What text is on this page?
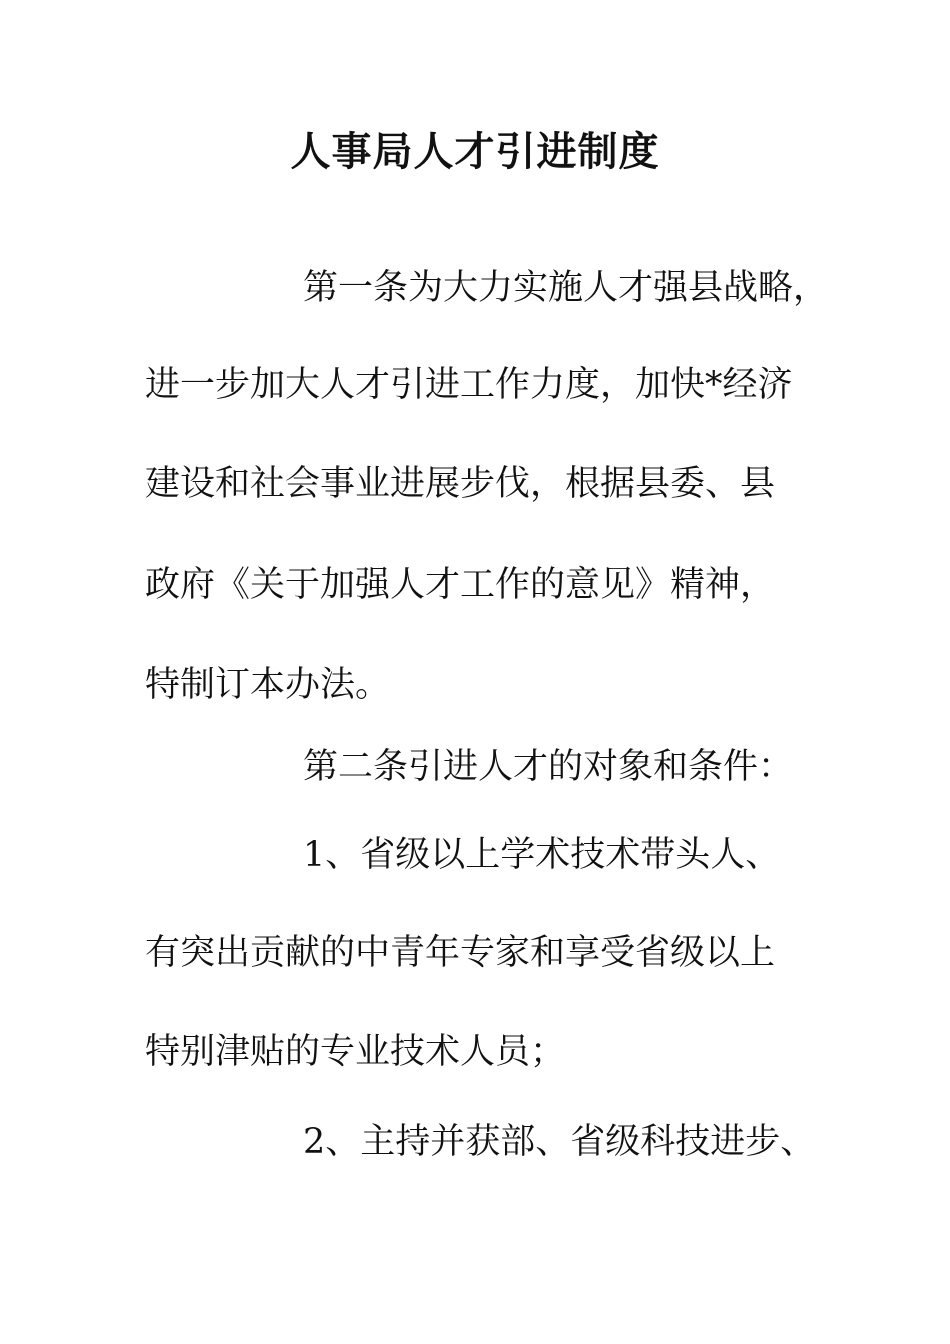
人事局人才引进制度

第一条为大力实施人才强县战略，

进一步加大人才引进工作力度，加快*经济

建设和社会事业进展步伐，根据县委、县

政府《关于加强人才工作的意见》精神，

特制订本办法。

第二条引进人才的对象和条件：

1、省级以上学术技术带头人、

有突出贡献的中青年专家和享受省级以上

特别津贴的专业技术人员；

2、主持并获部、省级科技进步、
